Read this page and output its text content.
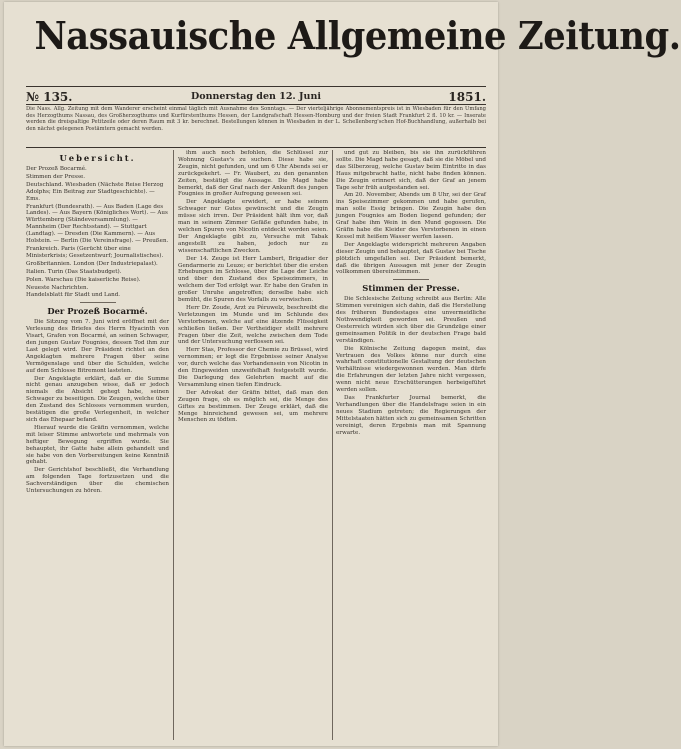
Nassauische Allgemeine Zeitung.
№ 135.	Donnerstag den 12. Juni	1851.
Die Nass. Allg. Zeitung mit dem Wanderer erscheint einmal täglich mit Ausnahme des Sonntags. — Der vierteljährige Abonnementspreis ist in Wiesbaden für den Umfang des Herzogthums Nassau, des Großherzogthums und Kurfürstenthums Hessen, der Landgrafschaft Hessen-Homburg und der freien Stadt Frankfurt 2 fl. 10 kr. — Inserate werden die dreispaltige Petitzeile oder deren Raum mit 3 kr. berechnet. Bestellungen können in Wiesbaden in der L. Schellenberg'schen Hof-Buchhandlung, außerhalb bei den nächst gelegenen Postämtern gemacht werden.
Uebersicht.
Der Prozeß Bocarmé.
Stimmen der Presse.
Deutschland. Wiesbaden (Nächste Reise Herzog Adolphs; Ein Beitrag zur Stadtgeschichte). — Ems.
Frankfurt (Bundesrath). — Aus Baden (Lage des Landes). — Aus Bayern (Königliches Wort). — Aus Württemberg (Ständeversammlung). — Mannheim (Der Rechtsstand). — Stuttgart (Landtag). — Dresden (Die Kammern). — Aus Holstein. — Berlin (Die Vereinsfrage). — Preußen.
Frankreich. Paris (Gerücht über eine Ministerkrisis; Gesetzentwurf; Journalistisches).
Großbritannien. London (Der Industriepalast).
Italien. Turin (Das Staatsbudget).
Polen. Warschau (Die kaiserliche Reise).
Neueste Nachrichten.
Handelsblatt für Stadt und Land.
Der Prozeß Bocarmé.

Die Sitzung vom 7. Juni wird eröffnet mit der Verlesung des Briefes des Herrn Hyacinth von Visart, Grafen von Bocarmé, an seinen Schwager, den jungen Gustav Fougnies, dessen Tod ihm zur Last gelegt wird. Der Präsident richtet an den Angeklagten mehrere Fragen über seine Vermögenslage und über die Schulden, welche auf dem Schlosse Bitremont lasteten.

Der Angeklagte erklärt, daß er die Summe nicht genau anzugeben wisse, daß er jedoch niemals die Absicht gehegt habe, seinen Schwager zu beseitigen. Die Zeugen, welche über den Zustand des Schlosses vernommen wurden, bestätigen die große Verlegenheit, in welcher sich das Ehepaar befand.

Hierauf wurde die Gräfin vernommen, welche mit leiser Stimme antwortete und mehrmals von heftiger Bewegung ergriffen wurde. Sie behauptet, ihr Gatte habe allein gehandelt und sie habe von den Vorbereitungen keine Kenntniß gehabt.

Der Gerichtshof beschließt, die Verhandlung am folgenden Tage fortzusetzen und die Sachverständigen über die chemischen Untersuchungen zu hören.

ihm auch noch befohlen, die Schlüssel zur Wohnung Gustav's zu suchen. Diese habe sie, Zeugin, nicht gefunden, und um 6 Uhr Abends sei er zurückgekehrt. — Fr. Waubert, zu den genannten Zeiten, bestätigt die Aussage. Die Magd habe bemerkt, daß der Graf nach der Ankunft des jungen Fougnies in großer Aufregung gewesen sei.

Der Angeklagte erwidert, er habe seinem Schwager nur Gutes gewünscht und die Zeugin müsse sich irren. Der Präsident hält ihm vor, daß man in seinem Zimmer Gefäße gefunden habe, in welchen Spuren von Nicotin entdeckt worden seien. Der Angeklagte gibt zu, Versuche mit Tabak angestellt zu haben, jedoch nur zu wissenschaftlichen Zwecken.

Der 14. Zeuge ist Herr Lambert, Brigadier der Gendarmerie zu Leuze; er berichtet über die ersten Erhebungen im Schlosse, über die Lage der Leiche und über den Zustand des Speisezimmers, in welchem der Tod erfolgt war. Er habe den Grafen in großer Unruhe angetroffen; derselbe habe sich bemüht, die Spuren des Vorfalls zu verwischen.

Herr Dr. Zoude, Arzt zu Péruwelz, beschreibt die Verletzungen im Munde und im Schlunde des Verstorbenen, welche auf eine ätzende Flüssigkeit schließen ließen. Der Vertheidiger stellt mehrere Fragen über die Zeit, welche zwischen dem Tode und der Untersuchung verflossen sei.

Herr Stas, Professor der Chemie zu Brüssel, wird vernommen; er legt die Ergebnisse seiner Analyse vor, durch welche das Vorhandensein von Nicotin in den Eingeweiden unzweifelhaft festgestellt wurde. Die Darlegung des Gelehrten macht auf die Versammlung einen tiefen Eindruck.

Der Advokat der Gräfin bittet, daß man den Zeugen frage, ob es möglich sei, die Menge des Giftes zu bestimmen. Der Zeuge erklärt, daß die Menge hinreichend gewesen sei, um mehrere Menschen zu tödten.

und gut zu bleiben, bis sie ihn zurückführen sollte. Die Magd habe gesagt, daß sie die Möbel und das Silberzeug, welche Gustav beim Eintritte in das Haus mitgebracht hatte, nicht habe finden können. Die Zeugin erinnert sich, daß der Graf an jenem Tage sehr früh aufgestanden sei.

Am 20. November, Abends um 8 Uhr, sei der Graf ins Speisezimmer gekommen und habe gerufen, man solle Essig bringen. Die Zeugin habe den jungen Fougnies am Boden liegend gefunden; der Graf habe ihm Wein in den Mund gegossen. Die Gräfin habe die Kleider des Verstorbenen in einen Kessel mit heißem Wasser werfen lassen.

Der Angeklagte widerspricht mehreren Angaben dieser Zeugin und behauptet, daß Gustav bei Tische plötzlich umgefallen sei. Der Präsident bemerkt, daß die übrigen Aussagen mit jener der Zeugin vollkommen übereinstimmen.

Stimmen der Presse.

Die Schlesische Zeitung schreibt aus Berlin: Alle Stimmen vereinigen sich dahin, daß die Herstellung des früheren Bundestages eine unvermeidliche Nothwendigkeit geworden sei. Preußen und Oesterreich würden sich über die Grundzüge einer gemeinsamen Politik in der deutschen Frage bald verständigen.

Die Kölnische Zeitung dagegen meint, das Vertrauen des Volkes könne nur durch eine wahrhaft constitutionelle Gestaltung der deutschen Verhältnisse wiedergewonnen werden. Man dürfe die Erfahrungen der letzten Jahre nicht vergessen, wenn nicht neue Erschütterungen herbeigeführt werden sollen.

Das Frankfurter Journal bemerkt, die Verhandlungen über die Handelsfrage seien in ein neues Stadium getreten; die Regierungen der Mittelstaaten hätten sich zu gemeinsamen Schritten vereinigt, deren Ergebnis man mit Spannung erwarte.
